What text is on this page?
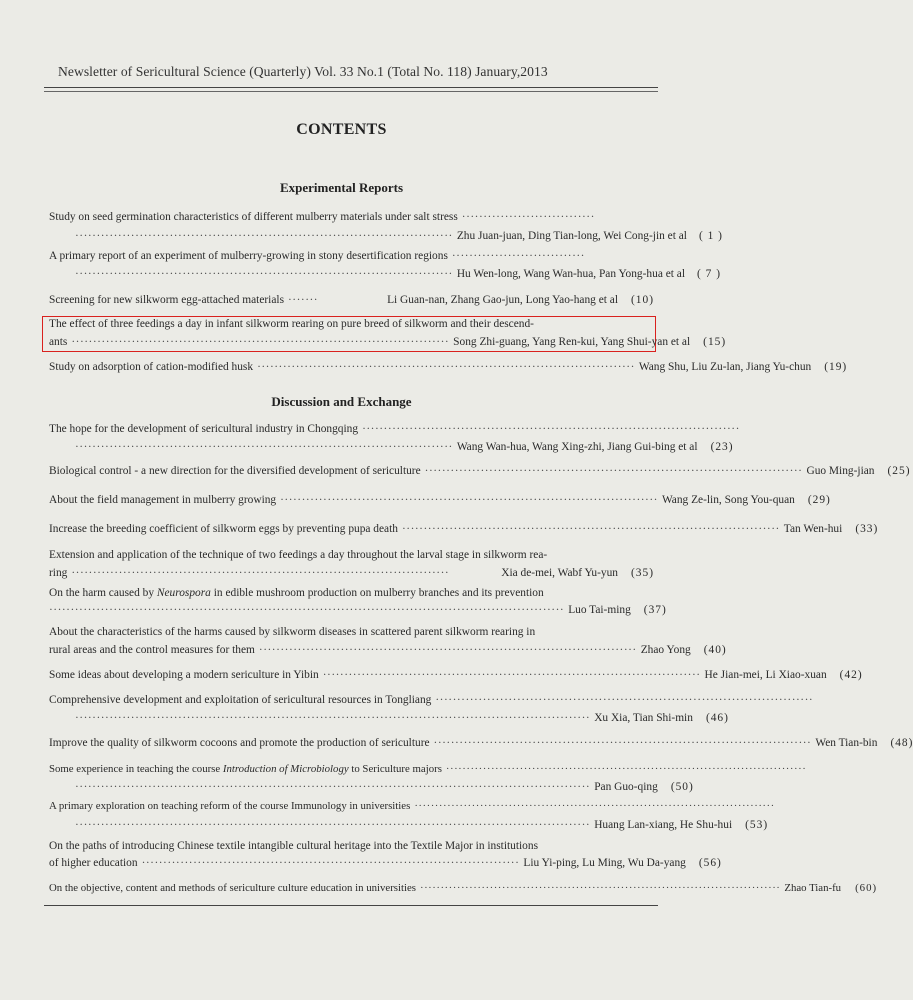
Newsletter of Sericultural Science (Quarterly) Vol. 33 No.1 (Total No. 118) January,2013
CONTENTS
Experimental Reports
Study on seed germination characteristics of different mulberry materials under salt stress ·······························
························································································ Zhu Juan-juan, Ding Tian-long, Wei Cong-jin et al	( 1 )
A primary report of an experiment of mulberry-growing in stony desertification regions ·······························
························································································ Hu Wen-long, Wang Wan-hua, Pan Yong-hua et al	( 7 )
Screening for new silkworm egg-attached materials ·······	Li Guan-nan, Zhang Gao-jun, Long Yao-hang et al	(10)
The effect of three feedings a day in infant silkworm rearing on pure breed of silkworm and their descend-
ants ························································································ Song Zhi-guang, Yang Ren-kui, Yang Shui-yan et al	(15)
Study on adsorption of cation-modified husk ························································································ Wang Shu, Liu Zu-lan, Jiang Yu-chun	(19)
Discussion and Exchange
The hope for the development of sericultural industry in Chongqing ························································································
························································································ Wang Wan-hua, Wang Xing-zhi, Jiang Gui-bing et al	(23)
Biological control - a new direction for the diversified development of sericulture ························································································ Guo Ming-jian	(25)
About the field management in mulberry growing ························································································ Wang Ze-lin, Song You-quan	(29)
Increase the breeding coefficient of silkworm eggs by preventing pupa death ························································································ Tan Wen-hui	(33)
Extension and application of the technique of two feedings a day throughout the larval stage in silkworm rea-
ring ························································································	Xia de-mei, Wabf Yu-yun	(35)
On the harm caused by Neurospora in edible mushroom production on mulberry branches and its prevention
························································································································ Luo Tai-ming	(37)
About the characteristics of the harms caused by silkworm diseases in scattered parent silkworm rearing in
rural areas and the control measures for them ························································································ Zhao Yong	(40)
Some ideas about developing a modern sericulture in Yibin ························································································ He Jian-mei, Li Xiao-xuan	(42)
Comprehensive development and exploitation of sericultural resources in Tongliang ························································································
························································································································ Xu Xia, Tian Shi-min	(46)
Improve the quality of silkworm cocoons and promote the production of sericulture ························································································ Wen Tian-bin	(48)
Some experience in teaching the course Introduction of Microbiology to Sericulture majors ························································································
························································································································ Pan Guo-qing	(50)
A primary exploration on teaching reform of the course Immunology in universities ························································································
························································································································ Huang Lan-xiang, He Shu-hui	(53)
On the paths of introducing Chinese textile intangible cultural heritage into the Textile Major in institutions
of higher education ························································································ Liu Yi-ping, Lu Ming, Wu Da-yang	(56)
On the objective, content and methods of sericulture culture education in universities ························································································ Zhao Tian-fu	(60)
